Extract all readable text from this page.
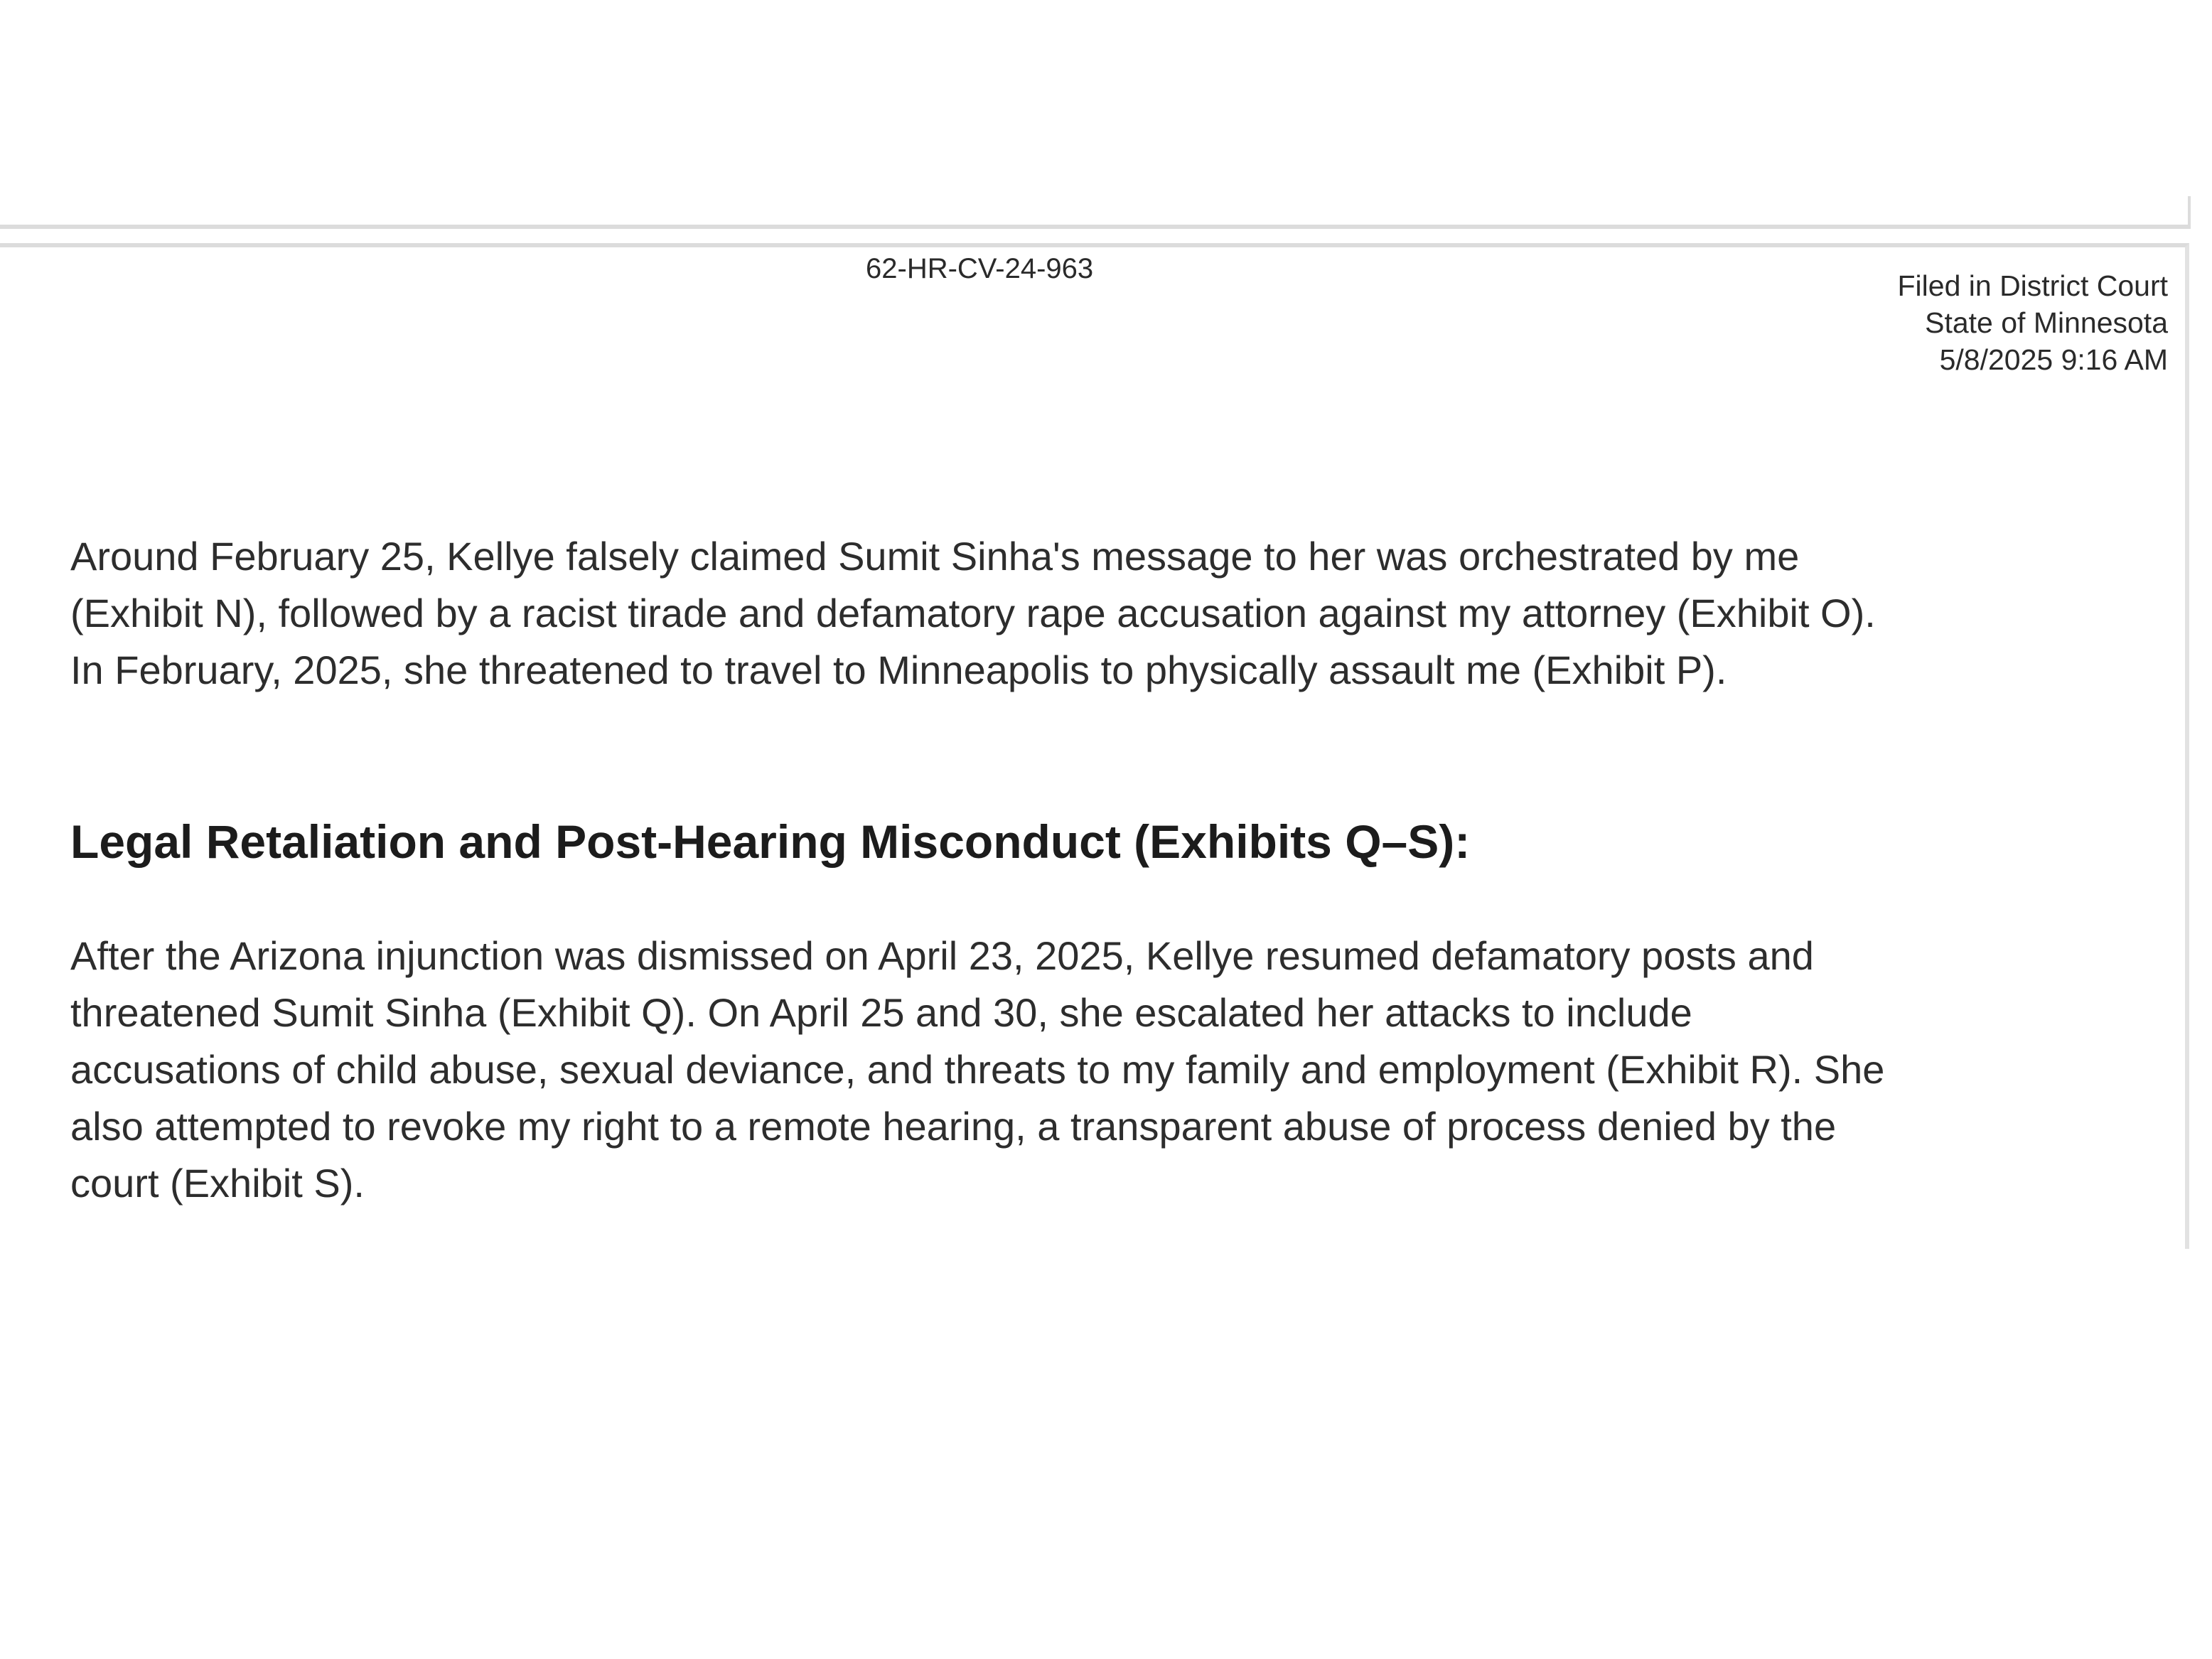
62-HR-CV-24-963
Filed in District Court
State of Minnesota
5/8/2025 9:16 AM

Around February 25, Kellye falsely claimed Sumit Sinha's message to her was orchestrated by me (Exhibit N), followed by a racist tirade and defamatory rape accusation against my attorney (Exhibit O). In February, 2025, she threatened to travel to Minneapolis to physically assault me (Exhibit P).

Legal Retaliation and Post-Hearing Misconduct (Exhibits Q–S):

After the Arizona injunction was dismissed on April 23, 2025, Kellye resumed defamatory posts and threatened Sumit Sinha (Exhibit Q). On April 25 and 30, she escalated her attacks to include accusations of child abuse, sexual deviance, and threats to my family and employment (Exhibit R). She also attempted to revoke my right to a remote hearing, a transparent abuse of process denied by the court (Exhibit S).
